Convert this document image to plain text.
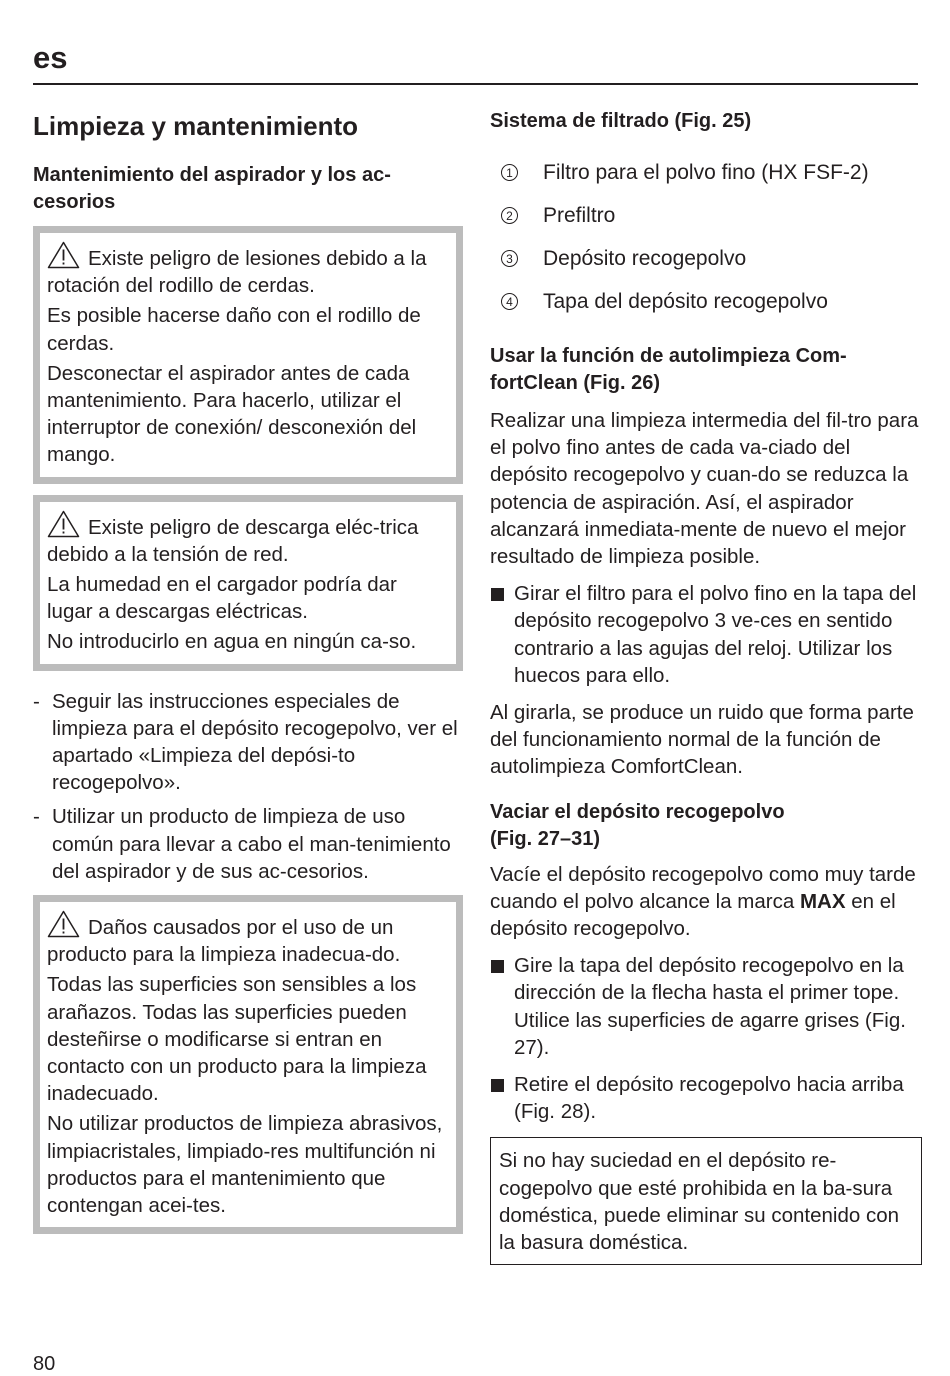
es
Limpieza y mantenimiento
Mantenimiento del aspirador y los ac-
cesorios

Existe peligro de lesiones debido a la rotación del rodillo de cerdas.

Es posible hacerse daño con el rodillo de cerdas.

Desconectar el aspirador antes de cada mantenimiento. Para hacerlo, utilizar el interruptor de conexión/ desconexión del mango.

Existe peligro de descarga eléc-trica debido a la tensión de red.

La humedad en el cargador podría dar lugar a descargas eléctricas.

No introducirlo en agua en ningún ca-so.

- Seguir las instrucciones especiales de limpieza para el depósito recogepolvo, ver el apartado «Limpieza del depósi-to recogepolvo».

- Utilizar un producto de limpieza de uso común para llevar a cabo el man-tenimiento del aspirador y de sus ac-cesorios.

Daños causados por el uso de un producto para la limpieza inadecua-do.

Todas las superficies son sensibles a los arañazos. Todas las superficies pueden desteñirse o modificarse si entran en contacto con un producto para la limpieza inadecuado.

No utilizar productos de limpieza abrasivos, limpiacristales, limpiado-res multifunción ni productos para el mantenimiento que contengan acei-tes.

Sistema de filtrado (Fig. 25)
1 Filtro para el polvo fino (HX FSF-2)
2 Prefiltro
3 Depósito recogepolvo
4 Tapa del depósito recogepolvo
Usar la función de autolimpieza Com-
fortClean (Fig. 26)

Realizar una limpieza intermedia del fil-tro para el polvo fino antes de cada va-ciado del depósito recogepolvo y cuan-do se reduzca la potencia de aspiración. Así, el aspirador alcanzará inmediata-mente de nuevo el mejor resultado de limpieza posible.

Girar el filtro para el polvo fino en la tapa del depósito recogepolvo 3 ve-ces en sentido contrario a las agujas del reloj. Utilizar los huecos para ello.

Al girarla, se produce un ruido que forma parte del funcionamiento normal de la función de autolimpieza ComfortClean.

Vaciar el depósito recogepolvo
(Fig. 27–31)

Vacíe el depósito recogepolvo como muy tarde cuando el polvo alcance la marca MAX en el depósito recogepolvo.

Gire la tapa del depósito recogepolvo en la dirección de la flecha hasta el primer tope. Utilice las superficies de agarre grises (Fig. 27).

Retire el depósito recogepolvo hacia arriba (Fig. 28).

Si no hay suciedad en el depósito re-cogepolvo que esté prohibida en la ba-sura doméstica, puede eliminar su contenido con la basura doméstica.

80
